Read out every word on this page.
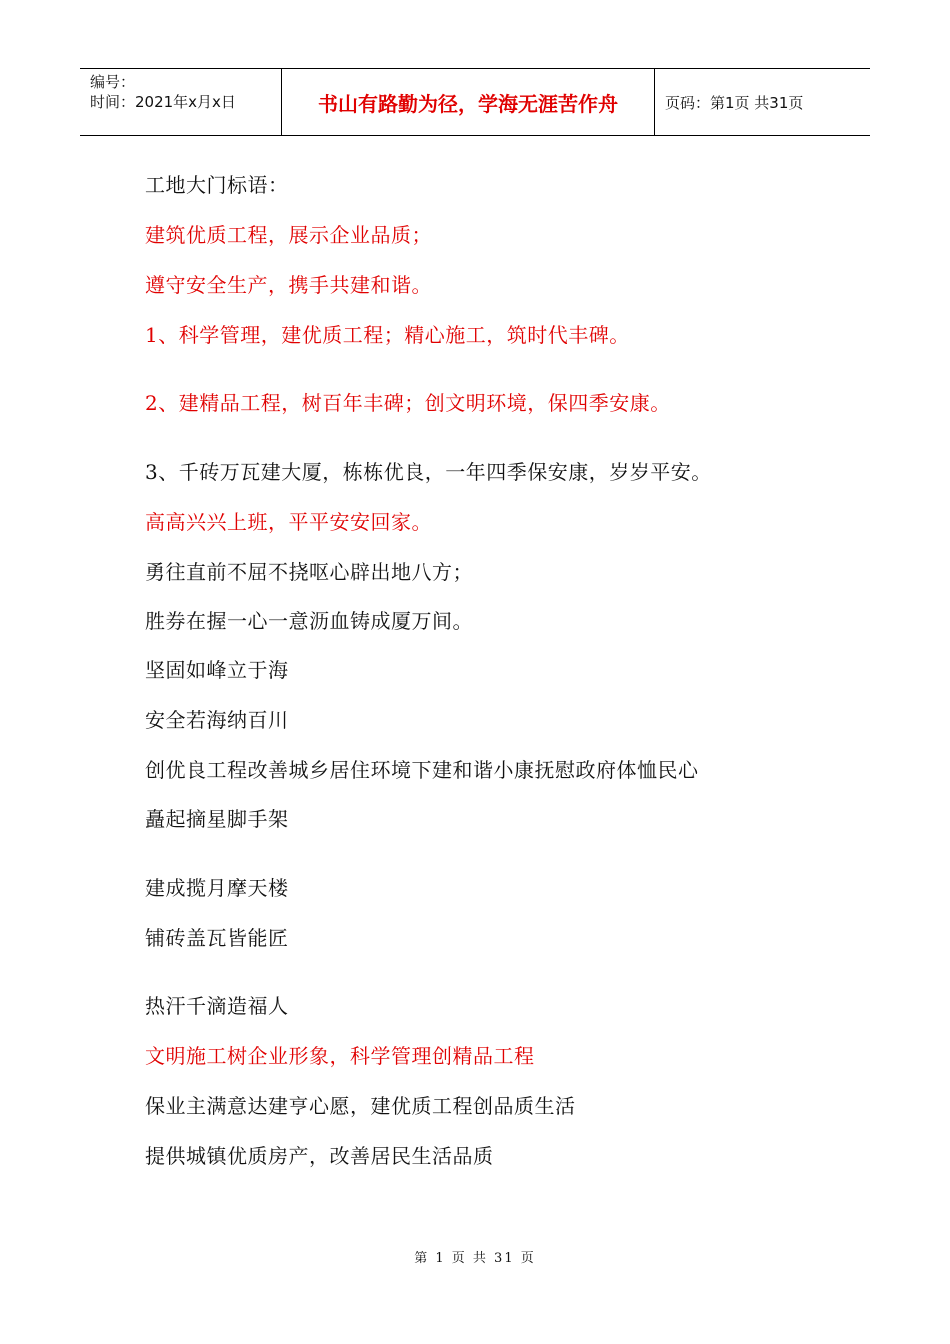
编号：
时间：2021年x月x日	书山有路勤为径，学海无涯苦作舟	页码：第1页 共31页
工地大门标语：
建筑优质工程，展示企业品质；
遵守安全生产，携手共建和谐。
1、科学管理，建优质工程；精心施工，筑时代丰碑。
2、建精品工程，树百年丰碑；创文明环境，保四季安康。
3、千砖万瓦建大厦，栋栋优良，一年四季保安康，岁岁平安。
高高兴兴上班，平平安安回家。
勇往直前不屈不挠呕心辟出地八方；
胜券在握一心一意沥血铸成厦万间。
坚固如峰立于海
安全若海纳百川
创优良工程改善城乡居住环境下建和谐小康抚慰政府体恤民心
矗起摘星脚手架
建成揽月摩天楼
铺砖盖瓦皆能匠
热汗千滴造福人
文明施工树企业形象，科学管理创精品工程
保业主满意达建亨心愿，建优质工程创品质生活
提供城镇优质房产，改善居民生活品质
第 1 页 共 31 页
